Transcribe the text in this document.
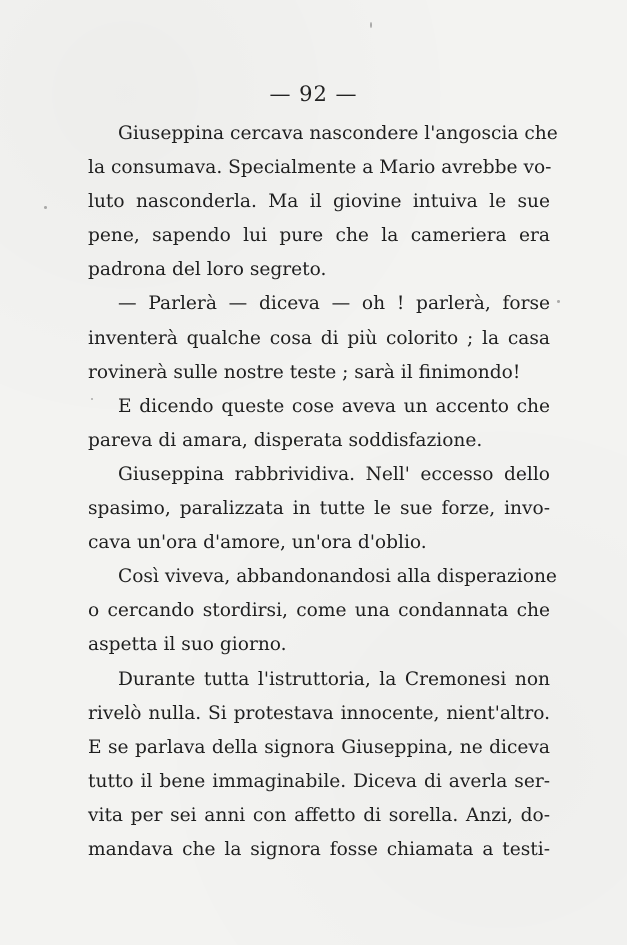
— 92 —
Giuseppina cercava nascondere l'angoscia che
la consumava. Specialmente a Mario avrebbe vo-
luto nasconderla. Ma il giovine intuiva le sue
pene, sapendo lui pure che la cameriera era
padrona del loro segreto.
— Parlerà — diceva — oh ! parlerà, forse
inventerà qualche cosa di più colorito ; la casa
rovinerà sulle nostre teste ; sarà il finimondo!
E dicendo queste cose aveva un accento che
pareva di amara, disperata soddisfazione.
Giuseppina rabbrividiva. Nell' eccesso dello
spasimo, paralizzata in tutte le sue forze, invo-
cava un'ora d'amore, un'ora d'oblio.
Così viveva, abbandonandosi alla disperazione
o cercando stordirsi, come una condannata che
aspetta il suo giorno.
Durante tutta l'istruttoria, la Cremonesi non
rivelò nulla. Si protestava innocente, nient'altro.
E se parlava della signora Giuseppina, ne diceva
tutto il bene immaginabile. Diceva di averla ser-
vita per sei anni con affetto di sorella. Anzi, do-
mandava che la signora fosse chiamata a testi-
